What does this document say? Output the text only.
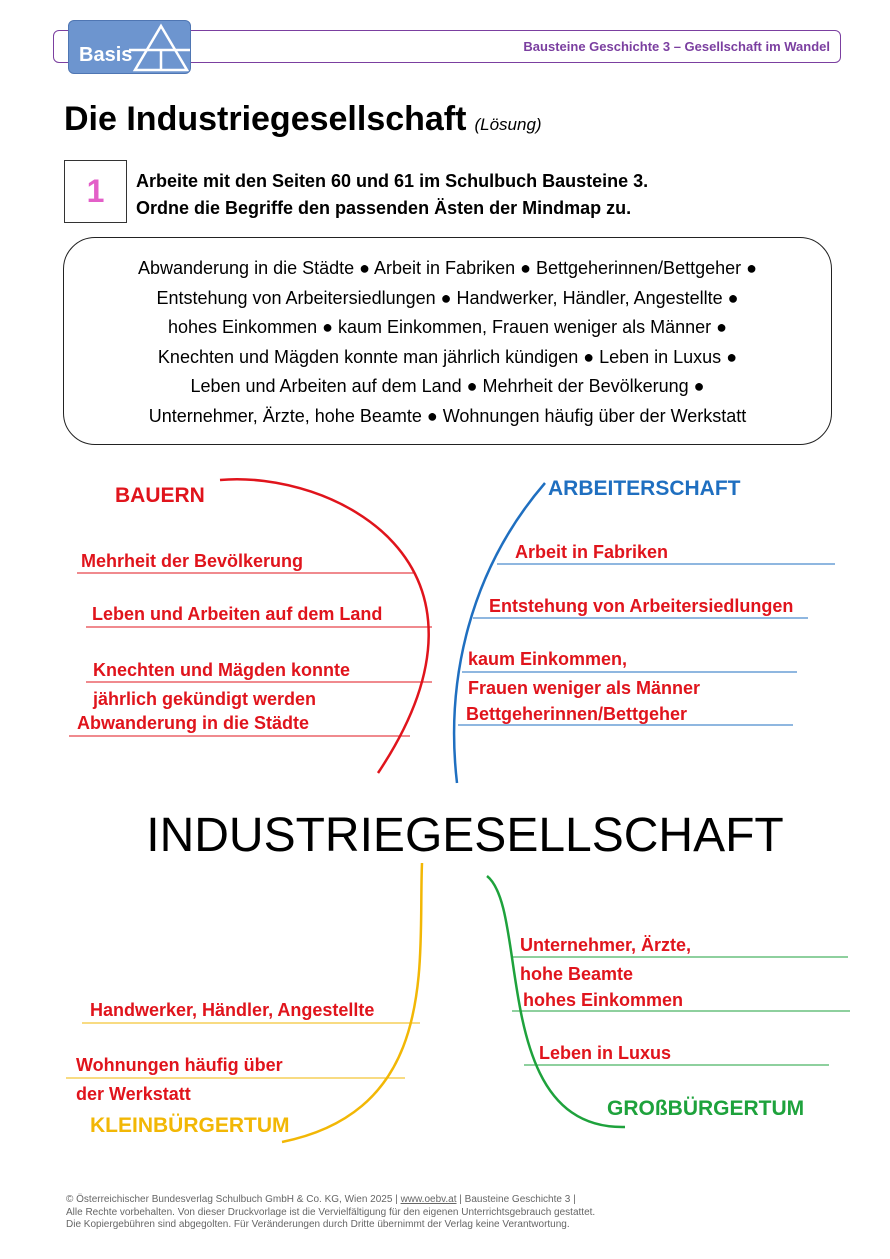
Basis	Bausteine Geschichte 3 – Gesellschaft im Wandel
Die Industriegesellschaft (Lösung)
1	Arbeite mit den Seiten 60 und 61 im Schulbuch Bausteine 3.
Ordne die Begriffe den passenden Ästen der Mindmap zu.
Abwanderung in die Städte ● Arbeit in Fabriken ● Bettgeherinnen/Bettgeher ●
Entstehung von Arbeitersiedlungen ● Handwerker, Händler, Angestellte ●
hohes Einkommen ● kaum Einkommen, Frauen weniger als Männer ●
Knechten und Mägden konnte man jährlich kündigen ● Leben in Luxus ●
Leben und Arbeiten auf dem Land ● Mehrheit der Bevölkerung ●
Unternehmer, Ärzte, hohe Beamte ● Wohnungen häufig über der Werkstatt
BAUERN	ARBEITERSCHAFT
KLEINBÜRGERTUM
GROßBÜRGERTUM
Mehrheit der Bevölkerung
Leben und Arbeiten auf dem Land
Knechten und Mägden konnte
jährlich gekündigt werden
Abwanderung in die Städte
Arbeit in Fabriken
Entstehung von Arbeitersiedlungen
kaum Einkommen,
Frauen weniger als Männer
Bettgeherinnen/Bettgeher
INDUSTRIEGESELLSCHAFT
Handwerker, Händler, Angestellte
Wohnungen häufig über
der Werkstatt
Unternehmer, Ärzte,
hohe Beamte
hohes Einkommen
Leben in Luxus
© Österreichischer Bundesverlag Schulbuch GmbH & Co. KG, Wien 2025 | www.oebv.at | Bausteine Geschichte 3 |
Alle Rechte vorbehalten. Von dieser Druckvorlage ist die Vervielfältigung für den eigenen Unterrichtsgebrauch gestattet.
Die Kopiergebühren sind abgegolten. Für Veränderungen durch Dritte übernimmt der Verlag keine Verantwortung.
